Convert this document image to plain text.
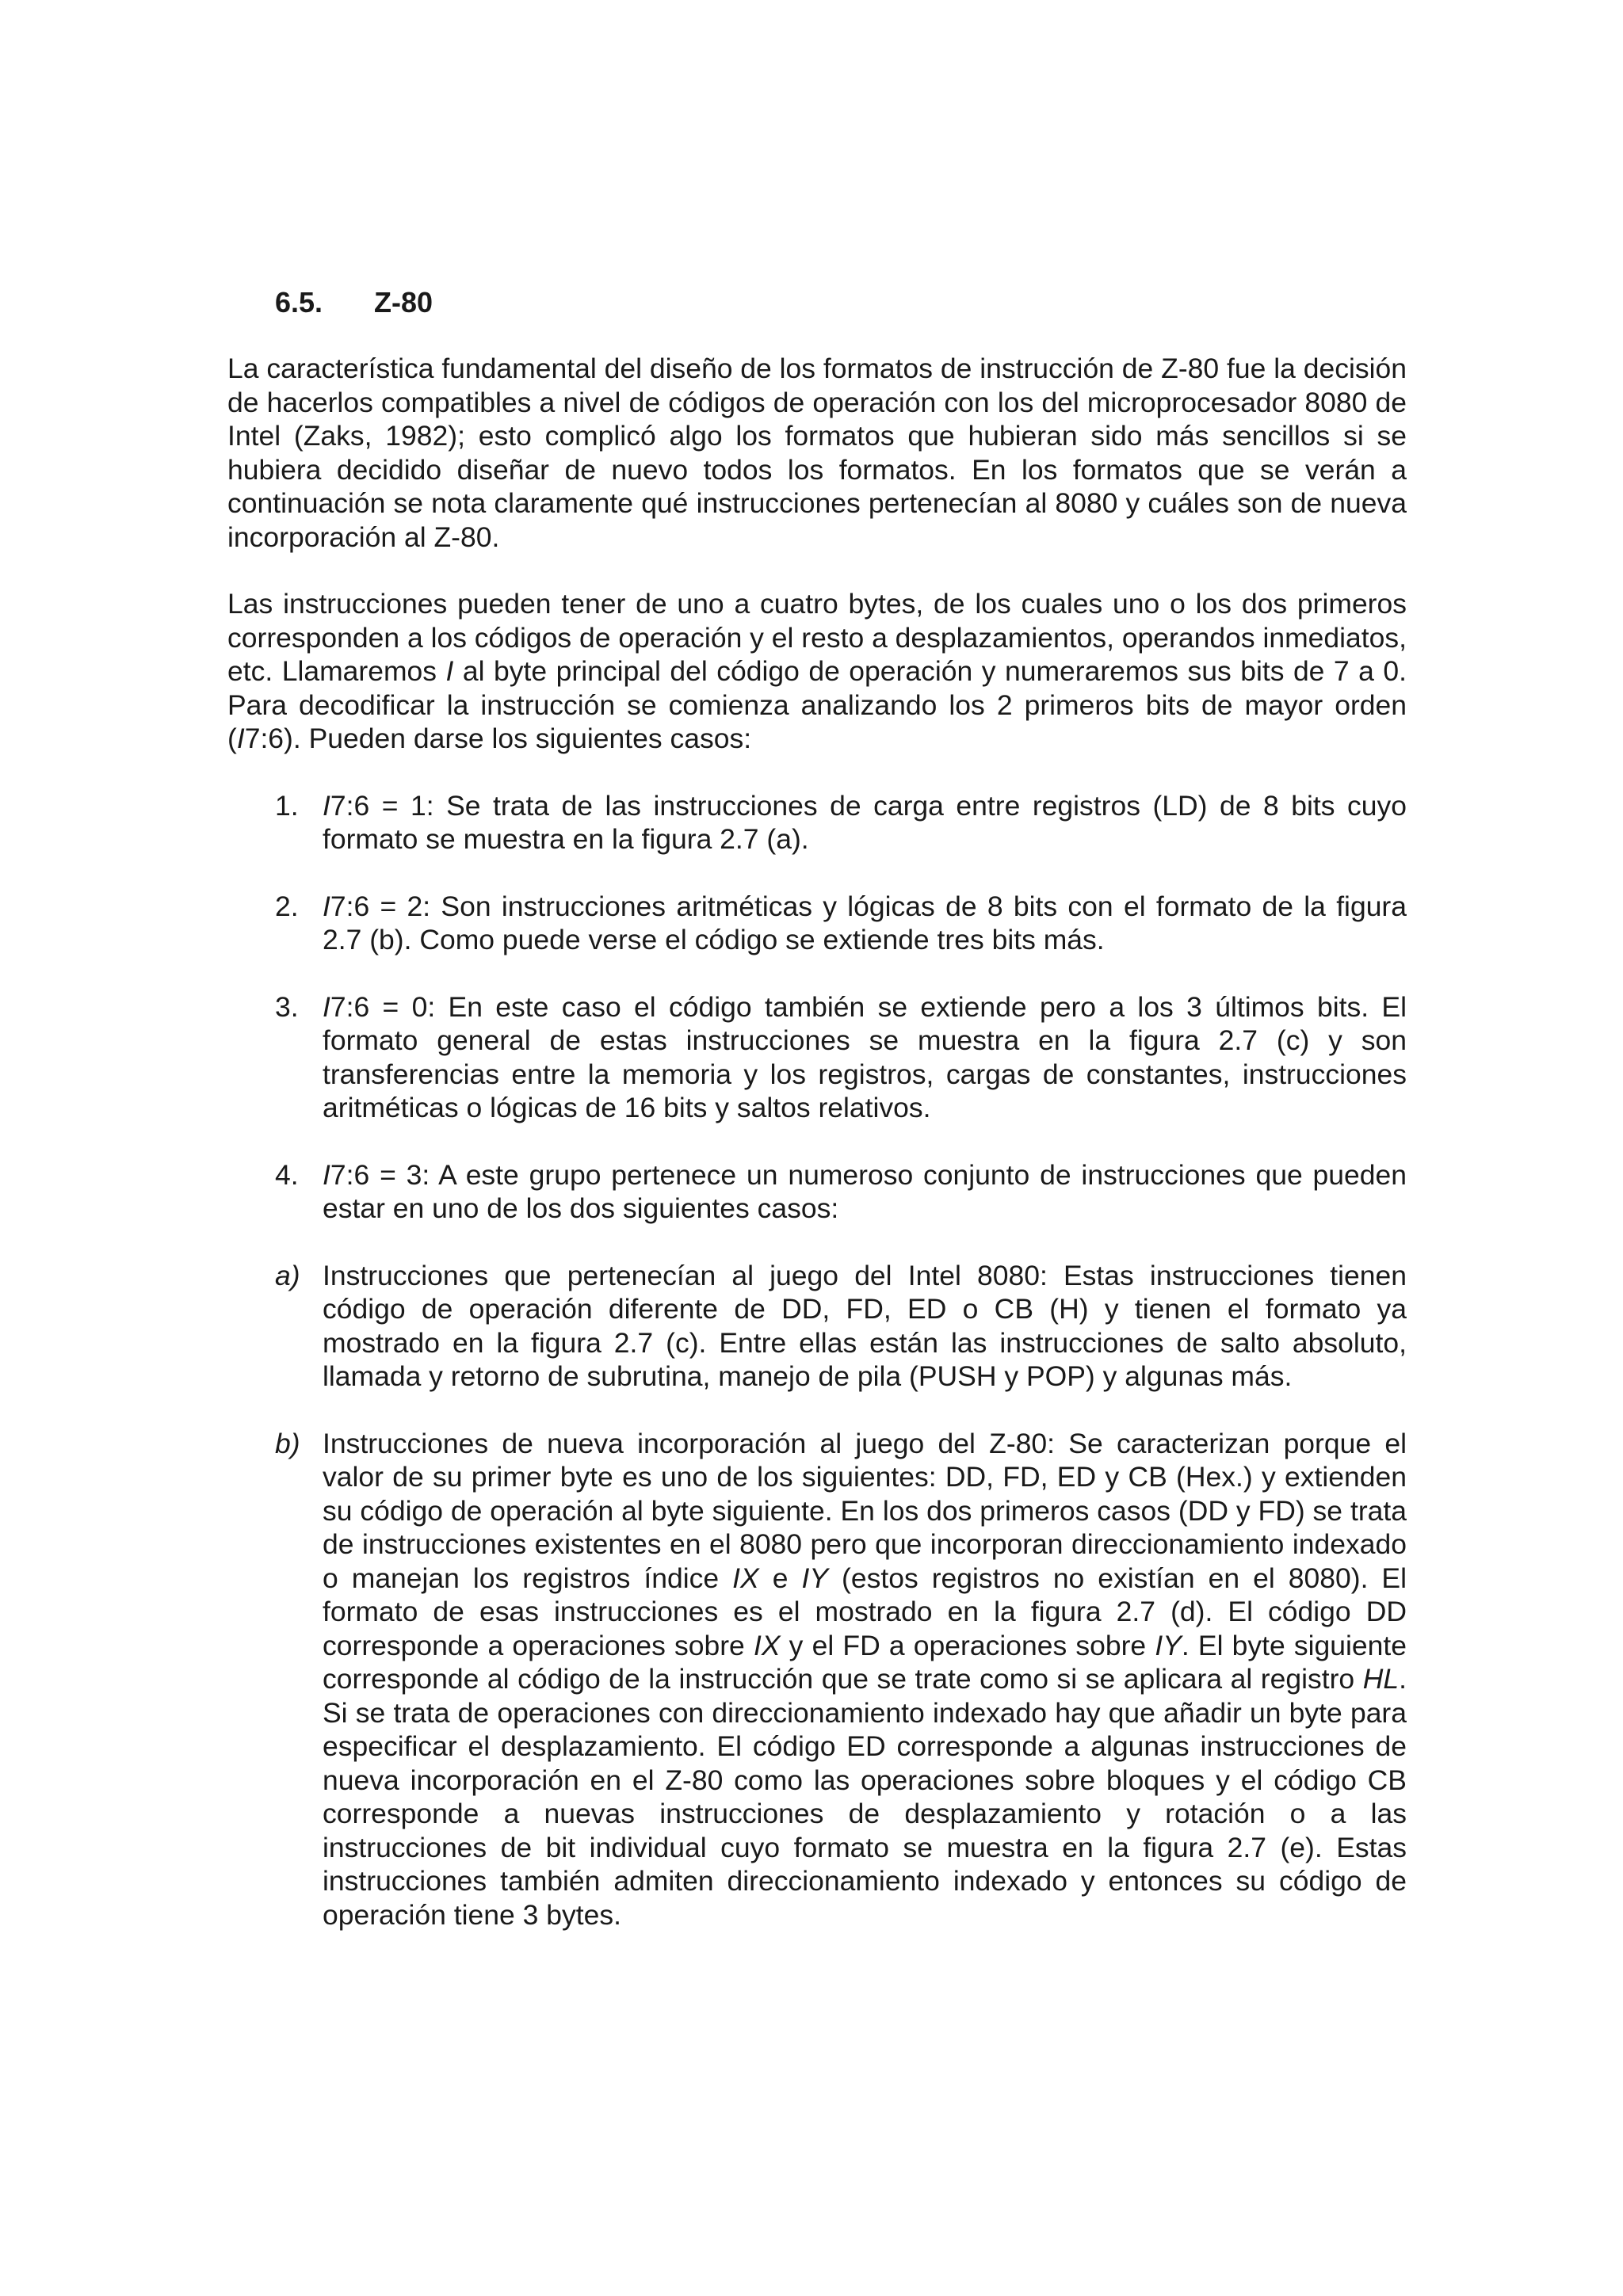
6.5. Z-80

La característica fundamental del diseño de los formatos de instrucción de Z-80 fue la decisión de hacerlos compatibles a nivel de códigos de operación con los del microprocesador 8080 de Intel (Zaks, 1982); esto complicó algo los formatos que hubieran sido más sencillos si se hubiera decidido diseñar de nuevo todos los formatos. En los formatos que se verán a continuación se nota claramente qué instrucciones pertenecían al 8080 y cuáles son de nueva incorporación al Z-80.

Las instrucciones pueden tener de uno a cuatro bytes, de los cuales uno o los dos primeros corresponden a los códigos de operación y el resto a desplazamientos, operandos inmediatos, etc. Llamaremos I al byte principal del código de operación y numeraremos sus bits de 7 a 0. Para decodificar la instrucción se comienza analizando los 2 primeros bits de mayor orden (I7:6). Pueden darse los siguientes casos:

1. I7:6 = 1: Se trata de las instrucciones de carga entre registros (LD) de 8 bits cuyo formato se muestra en la figura 2.7 (a).
2. I7:6 = 2: Son instrucciones aritméticas y lógicas de 8 bits con el formato de la figura 2.7 (b). Como puede verse el código se extiende tres bits más.
3. I7:6 = 0: En este caso el código también se extiende pero a los 3 últimos bits. El formato general de estas instrucciones se muestra en la figura 2.7 (c) y son transferencias entre la memoria y los registros, cargas de constantes, instrucciones aritméticas o lógicas de 16 bits y saltos relativos.
4. I7:6 = 3: A este grupo pertenece un numeroso conjunto de instrucciones que pueden estar en uno de los dos siguientes casos:
a) Instrucciones que pertenecían al juego del Intel 8080: Estas instrucciones tienen código de operación diferente de DD, FD, ED o CB (H) y tienen el formato ya mostrado en la figura 2.7 (c). Entre ellas están las instrucciones de salto absoluto, llamada y retorno de subrutina, manejo de pila (PUSH y POP) y algunas más.
b) Instrucciones de nueva incorporación al juego del Z-80: Se caracterizan porque el valor de su primer byte es uno de los siguientes: DD, FD, ED y CB (Hex.) y extienden su código de operación al byte siguiente. En los dos primeros casos (DD y FD) se trata de instrucciones existentes en el 8080 pero que incorporan direccionamiento indexado o manejan los registros índice IX e IY (estos registros no existían en el 8080). El formato de esas instrucciones es el mostrado en la figura 2.7 (d). El código DD corresponde a operaciones sobre IX y el FD a operaciones sobre IY. El byte siguiente corresponde al código de la instrucción que se trate como si se aplicara al registro HL. Si se trata de operaciones con direccionamiento indexado hay que añadir un byte para especificar el desplazamiento. El código ED corresponde a algunas instrucciones de nueva incorporación en el Z-80 como las operaciones sobre bloques y el código CB corresponde a nuevas instrucciones de desplazamiento y rotación o a las instrucciones de bit individual cuyo formato se muestra en la figura 2.7 (e). Estas instrucciones también admiten direccionamiento indexado y entonces su código de operación tiene 3 bytes.
